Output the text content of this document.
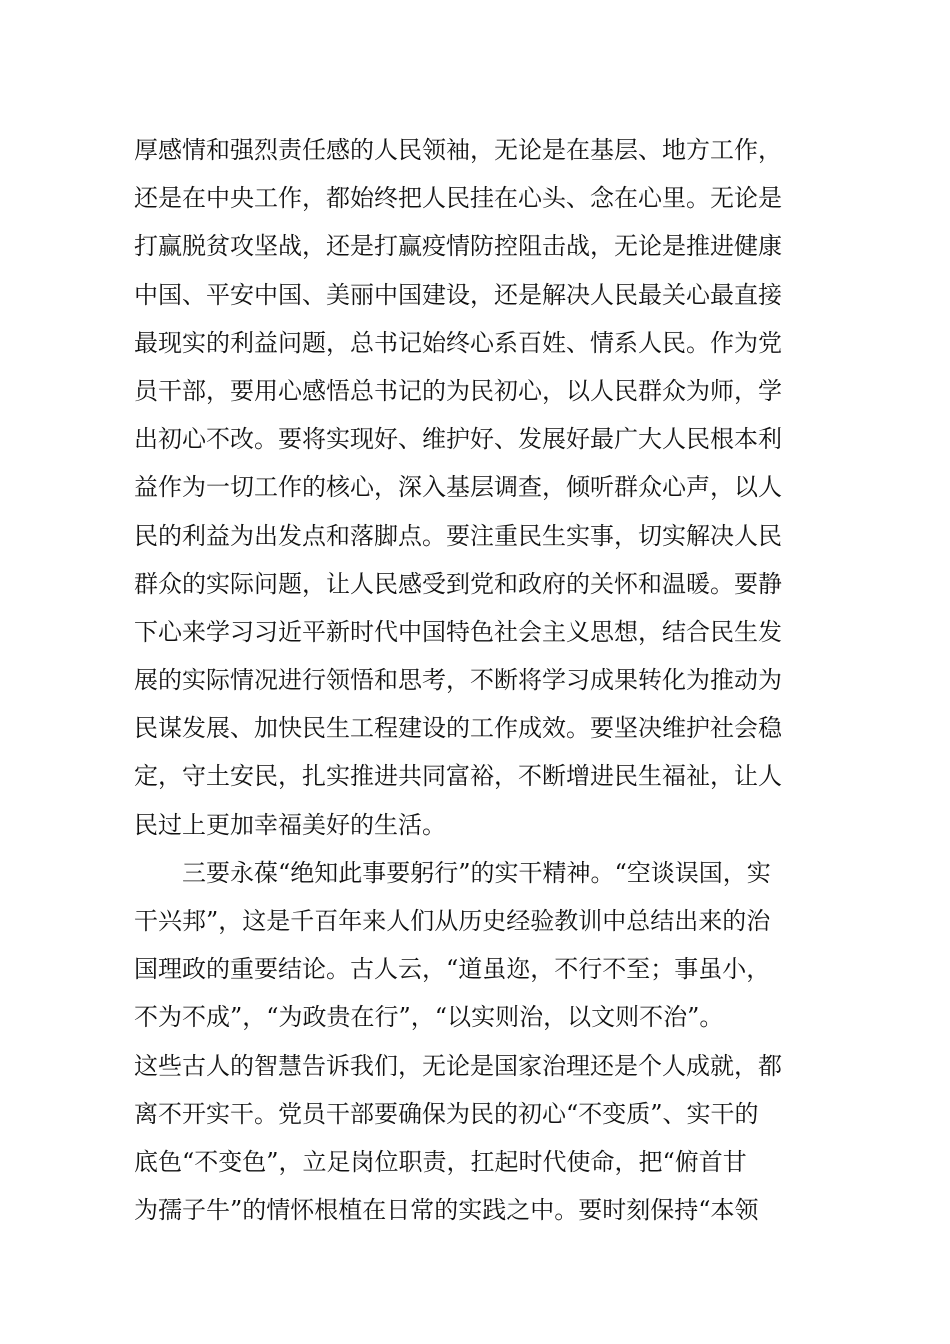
厚感情和强烈责任感的人民领袖，无论是在基层、地方工作，
还是在中央工作，都始终把人民挂在心头、念在心里。无论是
打赢脱贫攻坚战，还是打赢疫情防控阻击战，无论是推进健康
中国、平安中国、美丽中国建设，还是解决人民最关心最直接
最现实的利益问题，总书记始终心系百姓、情系人民。作为党
员干部，要用心感悟总书记的为民初心，以人民群众为师，学
出初心不改。要将实现好、维护好、发展好最广大人民根本利
益作为一切工作的核心，深入基层调查，倾听群众心声，以人
民的利益为出发点和落脚点。要注重民生实事，切实解决人民
群众的实际问题，让人民感受到党和政府的关怀和温暖。要静
下心来学习习近平新时代中国特色社会主义思想，结合民生发
展的实际情况进行领悟和思考，不断将学习成果转化为推动为
民谋发展、加快民生工程建设的工作成效。要坚决维护社会稳
定，守土安民，扎实推进共同富裕，不断增进民生福祉，让人
民过上更加幸福美好的生活。
　　三要永葆“绝知此事要躬行”的实干精神。“空谈误国，实
干兴邦”，这是千百年来人们从历史经验教训中总结出来的治
国理政的重要结论。古人云，“道虽迩，不行不至；事虽小，
不为不成”，“为政贵在行”，“以实则治，以文则不治”。
这些古人的智慧告诉我们，无论是国家治理还是个人成就，都
离不开实干。党员干部要确保为民的初心“不变质”、实干的
底色“不变色”，立足岗位职责，扛起时代使命，把“俯首甘
为孺子牛”的情怀根植在日常的实践之中。要时刻保持“本领
